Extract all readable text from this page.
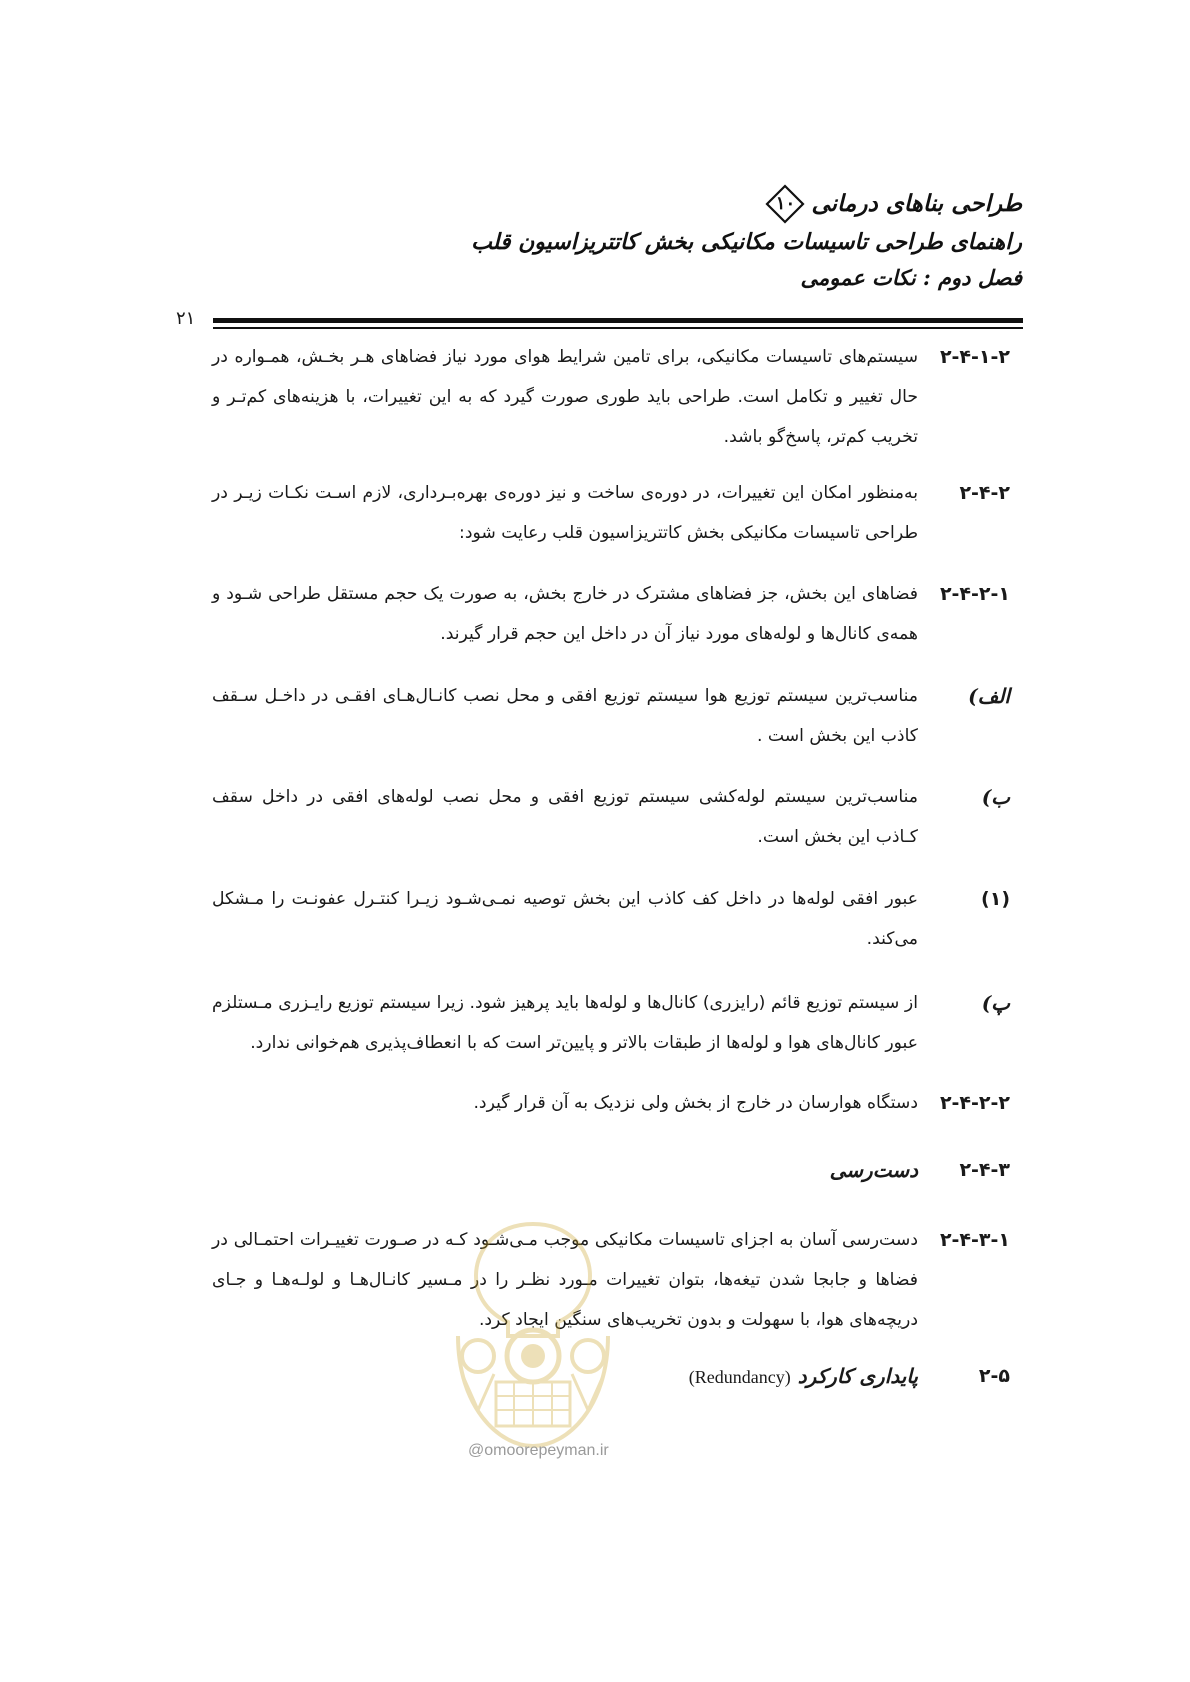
طراحی بناهای درمانی
۱۰
راهنمای طراحی تاسیسات مکانیکی بخش کاتتریزاسیون قلب
فصل دوم : نکات عمومی
۲۱
۲-۴-۱-۲
سیستم‌های تاسیسات مکانیکی، برای تامین شرایط هوای مورد نیاز فضاهای هـر بخـش، همـواره در حال تغییر و تکامل است. طراحی باید طوری صورت گیرد که به این تغییرات، با هزینه‌های کم‌تـر و تخریب کم‌تر، پاسخ‌گو باشد.
۲-۴-۲
به‌منظور امکان این تغییرات، در دوره‌ی ساخت و نیز دوره‌ی بهره‌بـرداری، لازم اسـت نکـات زیـر در طراحی تاسیسات مکانیکی بخش کاتتریزاسیون قلب رعایت شود:
۲-۴-۲-۱
فضاهای این بخش، جز فضاهای مشترک در خارج بخش، به صورت یک حجم مستقل طراحی شـود و همه‌ی کانال‌ها و لوله‌های مورد نیاز آن در داخل این حجم قرار گیرند.
الف)
مناسب‌ترین سیستم توزیع هوا سیستم توزیع افقی و محل نصب کانـال‌هـای افقـی در داخـل سـقف کاذب این بخش است .
ب)
مناسب‌ترین سیستم لوله‌کشی سیستم توزیع افقی و محل نصب لوله‌های افقی در داخل سقف کـاذب این بخش است.
(۱)
عبور افقی لوله‌ها در داخل کف کاذب این بخش توصیه نمـی‌شـود زیـرا کنتـرل عفونـت را مـشکل می‌کند.
پ)
از سیستم توزیع قائم (رایزری) کانال‌ها و لوله‌ها باید پرهیز شود. زیرا سیستم توزیع رایـزری مـستلزم عبور کانال‌های هوا و لوله‌ها از طبقات بالاتر و پایین‌تر است که با انعطاف‌پذیری هم‌خوانی ندارد.
۲-۴-۲-۲
دستگاه هوارسان در خارج از بخش ولی نزدیک به آن قرار گیرد.
۲-۴-۳
دست‌رسی
۲-۴-۳-۱
دست‌رسی آسان به اجزای تاسیسات مکانیکی موجب مـی‌شـود کـه در صـورت تغییـرات احتمـالی در فضاها و جابجا شدن تیغه‌ها، بتوان تغییرات مـورد نظـر را در مـسیر کانـال‌هـا و لولـه‌هـا و جـای دریچه‌های هوا، با سهولت و بدون تخریب‌های سنگین ایجاد کرد.
۲-۵
پایداری کارکرد (Redundancy)
@omoorepeyman.ir
